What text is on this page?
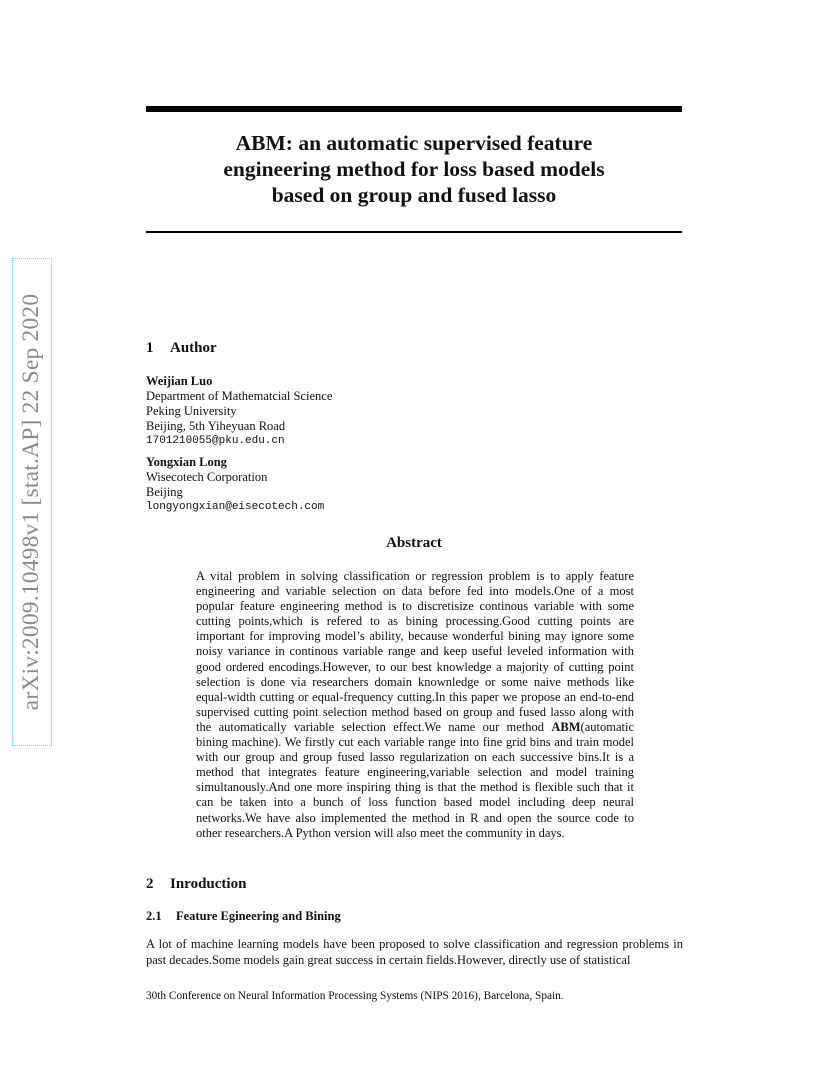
arXiv:2009.10498v1 [stat.AP] 22 Sep 2020
ABM: an automatic supervised feature
engineering method for loss based models
based on group and fused lasso
1 Author
Weijian Luo
Department of Mathematcial Science
Peking University
Beijing, 5th Yiheyuan Road
1701210055@pku.edu.cn
Yongxian Long
Wisecotech Corporation
Beijing
longyongxian@eisecotech.com
Abstract
A vital problem in solving classification or regression problem is to apply feature engineering and variable selection on data before fed into models.One of a most popular feature engineering method is to discretisize continous variable with some cutting points,which is refered to as bining processing.Good cutting points are important for improving model’s ability, because wonderful bining may ignore some noisy variance in continous variable range and keep useful leveled information with good ordered encodings.However, to our best knowledge a majority of cutting point selection is done via researchers domain knownledge or some naive methods like equal-width cutting or equal-frequency cutting.In this paper we propose an end-to-end supervised cutting point selection method based on group and fused lasso along with the automatically variable selection effect.We name our method ABM(automatic bining machine). We firstly cut each variable range into fine grid bins and train model with our group and group fused lasso regularization on each successive bins.It is a method that integrates feature engineering,variable selection and model training simultanously.And one more inspiring thing is that the method is flexible such that it can be taken into a bunch of loss function based model including deep neural networks.We have also implemented the method in R and open the source code to other researchers.A Python version will also meet the community in days.
2 Inroduction
2.1 Feature Egineering and Bining
A lot of machine learning models have been proposed to solve classification and regression problems in past decades.Some models gain great success in certain fields.However, directly use of statistical
30th Conference on Neural Information Processing Systems (NIPS 2016), Barcelona, Spain.
